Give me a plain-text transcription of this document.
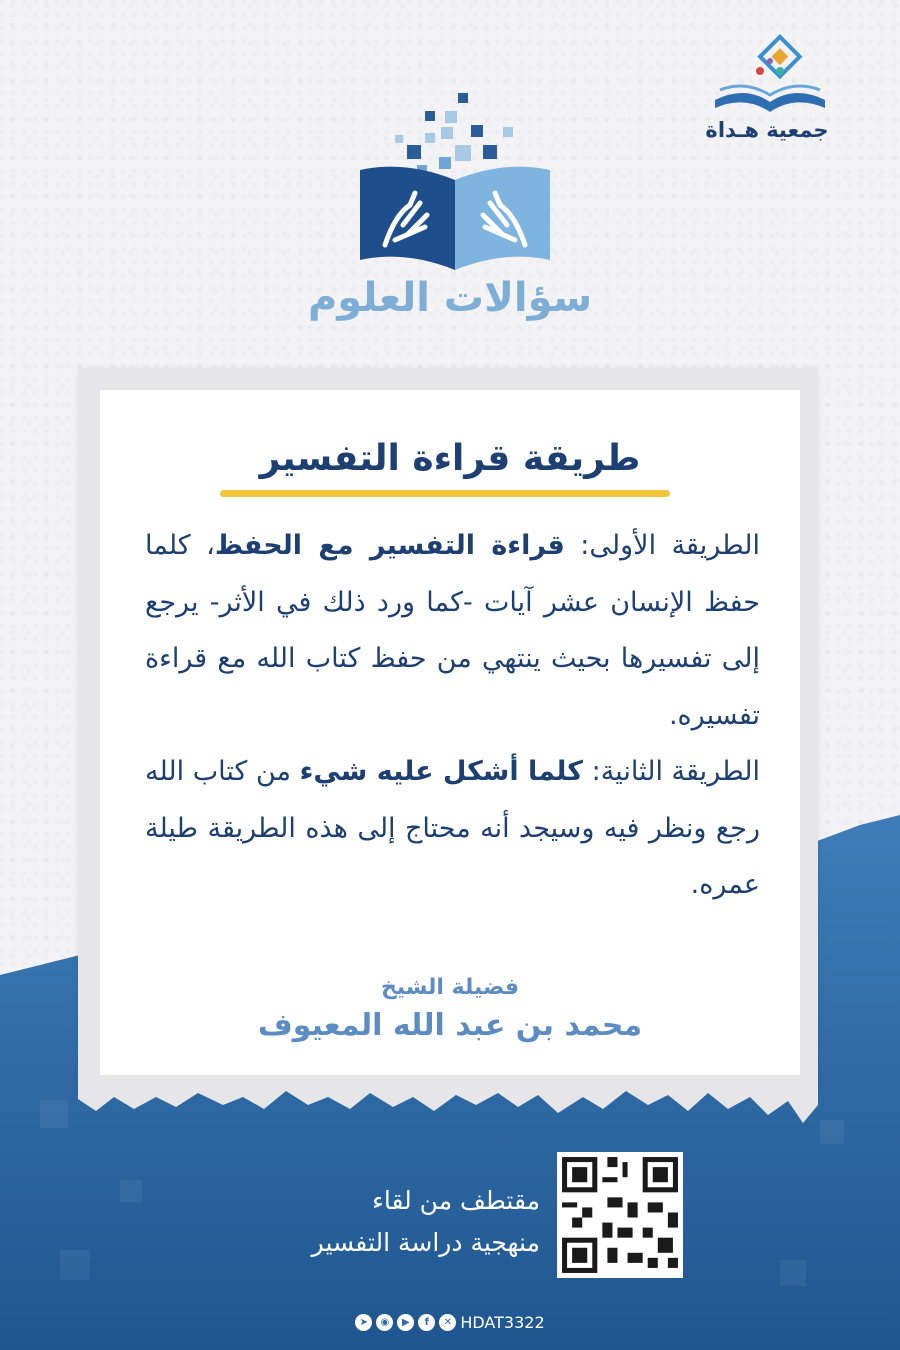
جمعية هـداة
سؤالات العلوم
طريقة قراءة التفسير

الطريقة الأولى: قراءة التفسير مع الحفظ، كلما حفظ الإنسان عشر آيات -كما ورد ذلك في الأثر- يرجع إلى تفسيرها بحيث ينتهي من حفظ كتاب الله مع قراءة تفسيره.

الطريقة الثانية: كلما أشكل عليه شيء من كتاب الله رجع ونظر فيه وسيجد أنه محتاج إلى هذه الطريقة طيلة عمره.

فضيلة الشيخ
محمد بن عبد الله المعيوف
مقتطف من لقاء
منهجية دراسة التفسير
➤	◉	▶	f	✕ HDAT3322
